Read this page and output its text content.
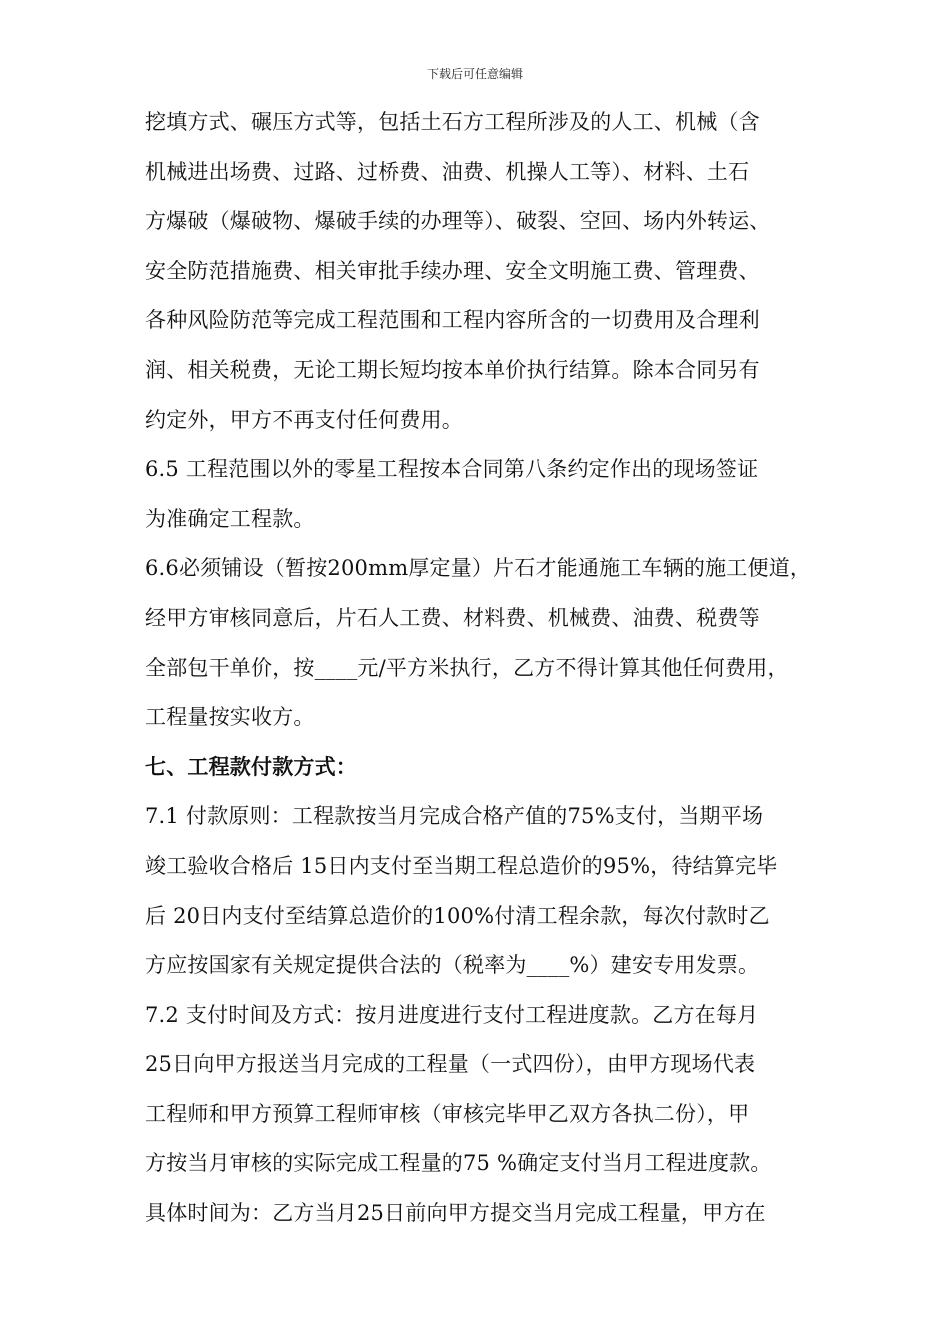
下载后可任意编辑
挖填方式、碾压方式等，包括土石方工程所涉及的人工、机械（含
机械进出场费、过路、过桥费、油费、机操人工等）、材料、土石
方爆破（爆破物、爆破手续的办理等）、破裂、空回、场内外转运、
安全防范措施费、相关审批手续办理、安全文明施工费、管理费、
各种风险防范等完成工程范围和工程内容所含的一切费用及合理利
润、相关税费，无论工期长短均按本单价执行结算。除本合同另有
约定外，甲方不再支付任何费用。
6.5 工程范围以外的零星工程按本合同第八条约定作出的现场签证
为准确定工程款。
6.6必须铺设（暂按200mm厚定量）片石才能通施工车辆的施工便道，
经甲方审核同意后，片石人工费、材料费、机械费、油费、税费等
全部包干单价，按____元/平方米执行，乙方不得计算其他任何费用，
工程量按实收方。
七、工程款付款方式：
7.1 付款原则：工程款按当月完成合格产值的75%支付，当期平场
竣工验收合格后 15日内支付至当期工程总造价的95%，待结算完毕
后 20日内支付至结算总造价的100%付清工程余款，每次付款时乙
方应按国家有关规定提供合法的（税率为____%）建安专用发票。
7.2 支付时间及方式：按月进度进行支付工程进度款。乙方在每月
25日向甲方报送当月完成的工程量（一式四份），由甲方现场代表
工程师和甲方预算工程师审核（审核完毕甲乙双方各执二份），甲
方按当月审核的实际完成工程量的75 %确定支付当月工程进度款。
具体时间为：乙方当月25日前向甲方提交当月完成工程量，甲方在
